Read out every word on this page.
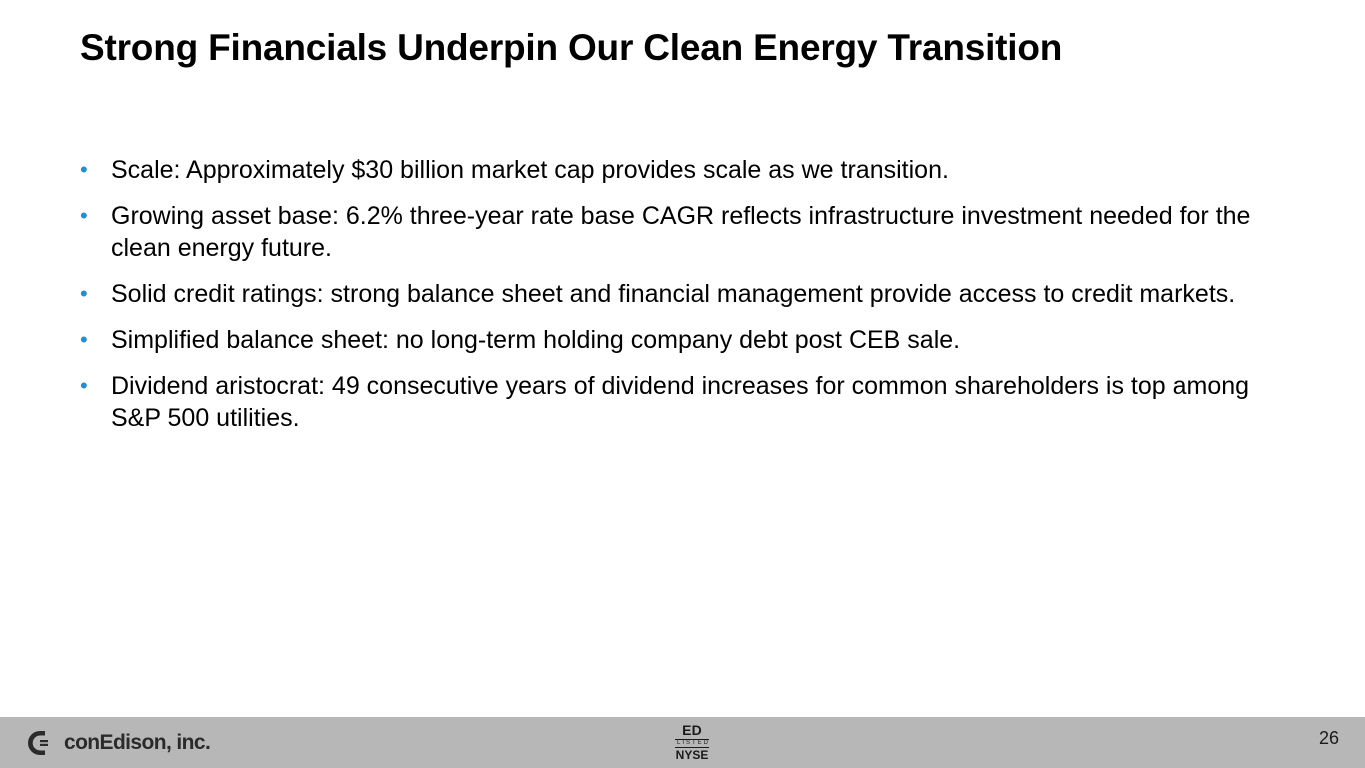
Strong Financials Underpin Our Clean Energy Transition
• Scale: Approximately $30 billion market cap provides scale as we transition.
• Growing asset base: 6.2% three-year rate base CAGR reflects infrastructure investment needed for the clean energy future.
• Solid credit ratings: strong balance sheet and financial management provide access to credit markets.
• Simplified balance sheet: no long-term holding company debt post CEB sale.
• Dividend aristocrat: 49 consecutive years of dividend increases for common shareholders is top among S&P 500 utilities.
conEdison, inc.
ED
LISTED
NYSE
26
